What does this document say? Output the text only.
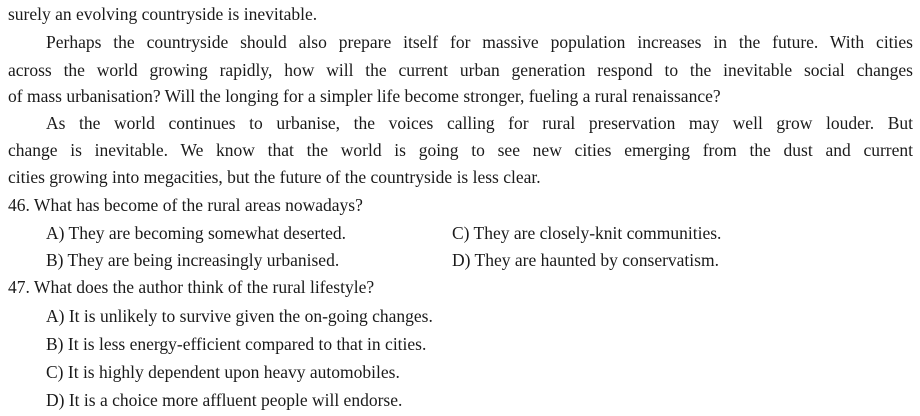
surely an evolving countryside is inevitable.
Perhaps the countryside should also prepare itself for massive population increases in the future. With cities
across the world growing rapidly, how will the current urban generation respond to the inevitable social changes
of mass urbanisation? Will the longing for a simpler life become stronger, fueling a rural renaissance?
As the world continues to urbanise, the voices calling for rural preservation may well grow louder. But
change is inevitable. We know that the world is going to see new cities emerging from the dust and current
cities growing into megacities, but the future of the countryside is less clear.
46. What has become of the rural areas nowadays?
A) They are becoming somewhat deserted.	C) They are closely-knit communities.
B) They are being increasingly urbanised.	D) They are haunted by conservatism.
47. What does the author think of the rural lifestyle?
A) It is unlikely to survive given the on-going changes.
B) It is less energy-efficient compared to that in cities.
C) It is highly dependent upon heavy automobiles.
D) It is a choice more affluent people will endorse.
